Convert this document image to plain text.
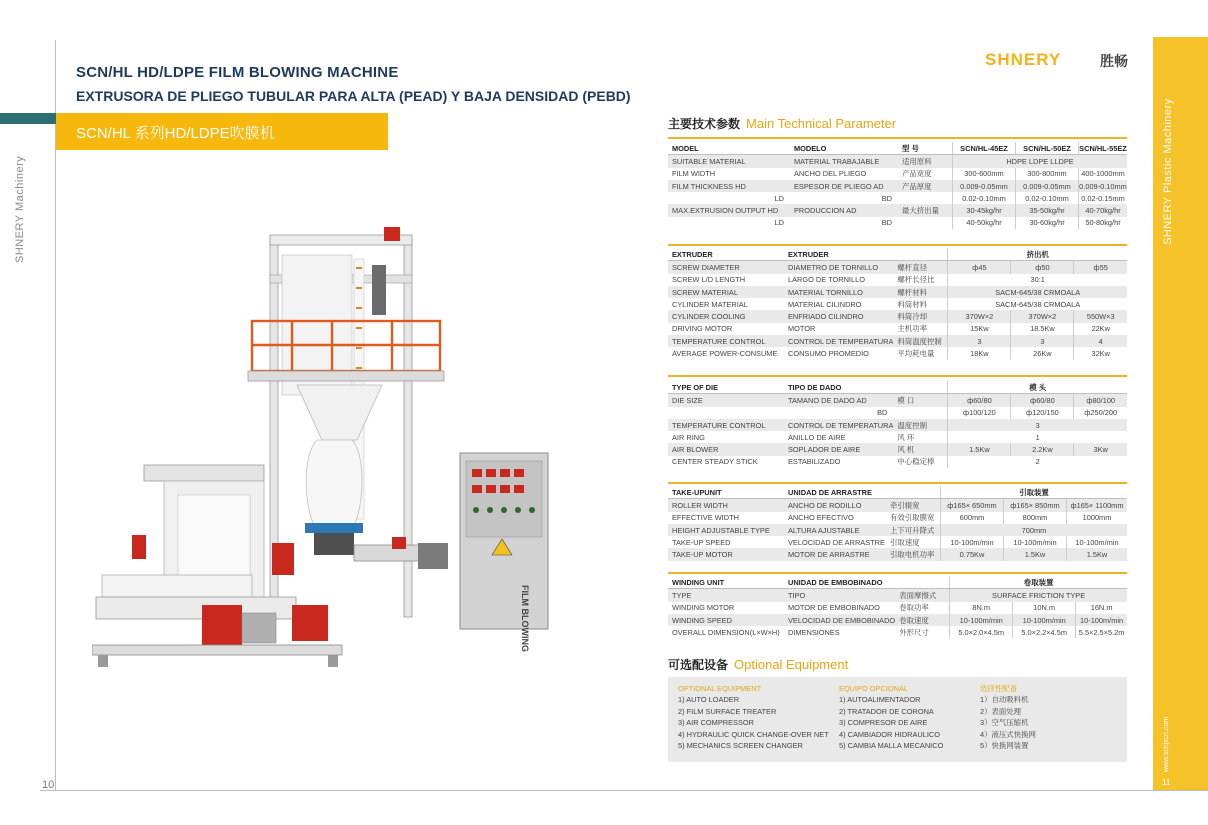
SHNERY Machinery
SCN/HL HD/LDPE FILM BLOWING MACHINE
EXTRUSORA DE PLIEGO TUBULAR PARA ALTA (PEAD) Y BAJA DENSIDAD (PEBD)
SCN/HL 系列HD/LDPE吹膜机
10
FILM BLOWING
SHNERY	胜畅
SHNERY Plastic Machinery
www.scnjxcn.com
11
主要技术参数 Main Technical Parameter
MODEL	MODELO	型 号	SCN/HL-45EZ	SCN/HL-50EZ	SCN/HL-55EZ
SUITABLE MATERIAL	MATERIAL TRABAJABLE	适用原料	HDPE LDPE LLDPE		
FILM WIDTH	ANCHO DEL PLIEGO	产品宽度	300-600mm	300-800mm	400-1000mm
FILM THICKNESS HD	ESPESOR DE PLIEGO AD	产品厚度	0.009-0.05mm	0.009-0.05mm	0.009-0.10mm
LD	BD		0.02-0.10mm	0.02-0.10mm	0.02-0.15mm
MAX.EXTRUSION OUTPUT HD	PRODUCCION AD	最大挤出量	30-45kg/hr	35-50kg/hr	40-70kg/hr
LD	BD		40-50kg/hr	30-60kg/hr	50-80kg/hr
EXTRUDER	EXTRUDER		挤出机		
SCREW DIAMETER	DIAMETRO DE TORNILLO	螺杆直径	ф45	ф50	ф55
SCREW L/D LENGTH	LARGO DE TORNILLO	螺杆长径比	30:1		
SCREW MATERIAL	MATERIAL TORNILLO	螺杆材料	SACM-645/38 CRMOALA		
CYLINDER MATERIAL	MATERIAL CILINDRO	料筒材料	SACM-645/38 CRMOALA		
CYLINDER COOLING	ENFRIADO CILINDRO	料筒冷却	370W×2	370W×2	550W×3
DRIVING MOTOR	MOTOR	主机功率	15Kw	18.5Kw	22Kw
TEMPERATURE CONTROL	CONTROL DE TEMPERATURA	料筒温度控制	3	3	4
AVERAGE POWER-CONSUME	CONSUMO PROMEDIO	平均耗电量	18Kw	26Kw	32Kw
TYPE OF DIE	TIPO DE DADO		模 头		
DIE SIZE	TAMANO DE DADO AD	模 口	ф60/80	ф60/80	ф80/100
	BD		ф100/120	ф120/150	ф250/200
TEMPERATURE CONTROL	CONTROL DE TEMPERATURA	温度控制	3		
AIR RING	ANILLO DE AIRE	风 环	1		
AIR BLOWER	SOPLADOR DE AIRE	风 机	1.5Kw	2.2Kw	3Kw
CENTER STEADY STICK	ESTABILIZADO	中心稳定棒	2		
TAKE-UPUNIT	UNIDAD DE ARRASTRE		引取装置		
ROLLER WIDTH	ANCHO DE RODILLO	牵引辊宽	ф165× 650mm	ф165× 850mm	ф165× 1100mm
EFFECTIVE WIDTH	ANCHO EFECTIVO	有效引取膜宽	600mm	800mm	1000mm
HEIGHT ADJUSTABLE TYPE	ALTURA AJUSTABLE	上下可升降式	700mm		
TAKE-UP SPEED	VELOCIDAD DE ARRASTRE	引取速度	10-100m/min	10-100m/min	10-100m/min
TAKE-UP MOTOR	MOTOR DE ARRASTRE	引取电机功率	0.75Kw	1.5Kw	1.5Kw
WINDING UNIT	UNIDAD DE EMBOBINADO		卷取装置		
TYPE	TIPO	表面摩擦式	SURFACE FRICTION TYPE		
WINDING MOTOR	MOTOR DE EMBOBINADO	卷取功率	8N.m	10N.m	16N.m
WINDING SPEED	VELOCIDAD DE EMBOBINADO	卷取速度	10-100m/min	10-100m/min	10-100m/min
OVERALL DIMENSION(L×W×H)	DIMENSIONES	外形尺寸	5.0×2.0×4.5m	5.0×2.2×4.5m	5.5×2.5×5.2m
可选配设备 Optional Equipment
OPTIONAL EQUIPMENT
1) AUTO LOADER
2) FILM SURFACE TREATER
3) AIR COMPRESSOR
4) HYDRAULIC QUICK CHANGE-OVER NET
5) MECHANICS SCREEN CHANGER
EQUIPO OPCIONAL
1) AUTOALIMENTADOR
2) TRATADOR DE CORONA
3) COMPRESOR DE AIRE
4) CAMBIADOR HIDRAULICO
5) CAMBIA MALLA MECANICO
选择性配备
1）自动吸料机
2）表面处理
3）空气压缩机
4）液压式快换网
5）快换网装置
